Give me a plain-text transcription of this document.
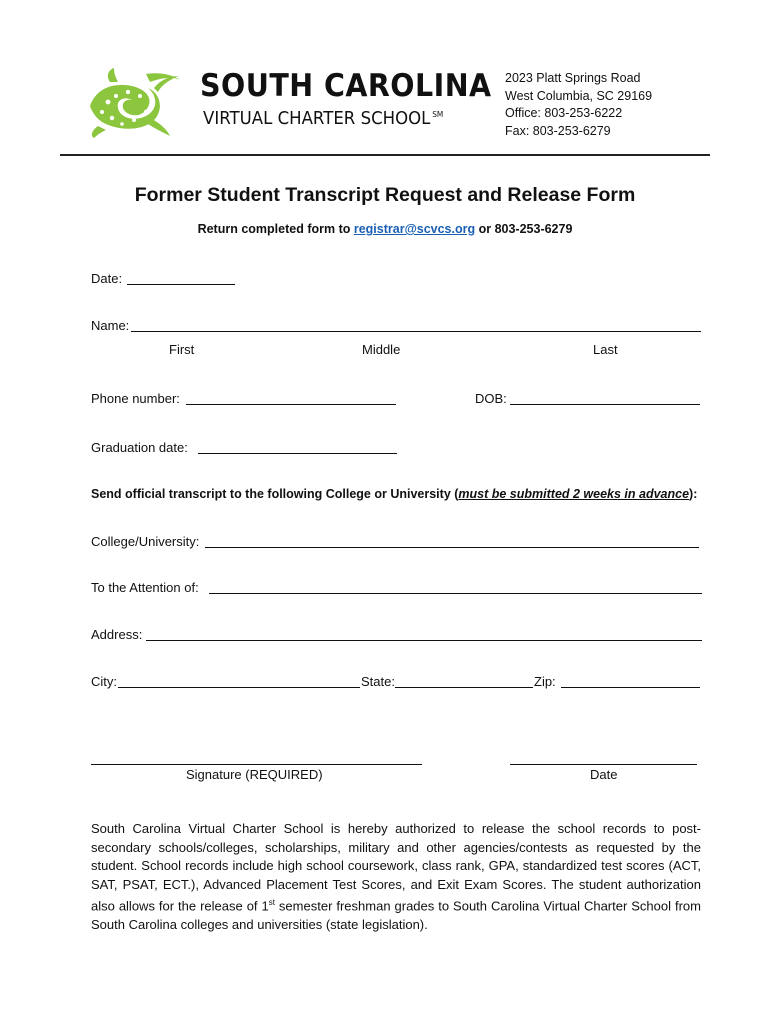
SOUTH CAROLINA
VIRTUAL CHARTER SCHOOL ℠
2023 Platt Springs Road
West Columbia, SC 29169
Office: 803-253-6222
Fax: 803-253-6279
Former Student Transcript Request and Release Form
Return completed form to registrar@scvcs.org or 803-253-6279
Date:
Name:
First	Middle	Last
Phone number:	DOB:
Graduation date:
Send official transcript to the following College or University (must be submitted 2 weeks in advance):
College/University:
To the Attention of:
Address:
City:	State:	Zip:
Signature (REQUIRED)	Date
South Carolina Virtual Charter School is hereby authorized to release the school records to post-secondary schools/colleges, scholarships, military and other agencies/contests as requested by the student. School records include high school coursework, class rank, GPA, standardized test scores (ACT, SAT, PSAT, ECT.), Advanced Placement Test Scores, and Exit Exam Scores. The student authorization also allows for the release of 1st semester freshman grades to South Carolina Virtual Charter School from South Carolina colleges and universities (state legislation).
